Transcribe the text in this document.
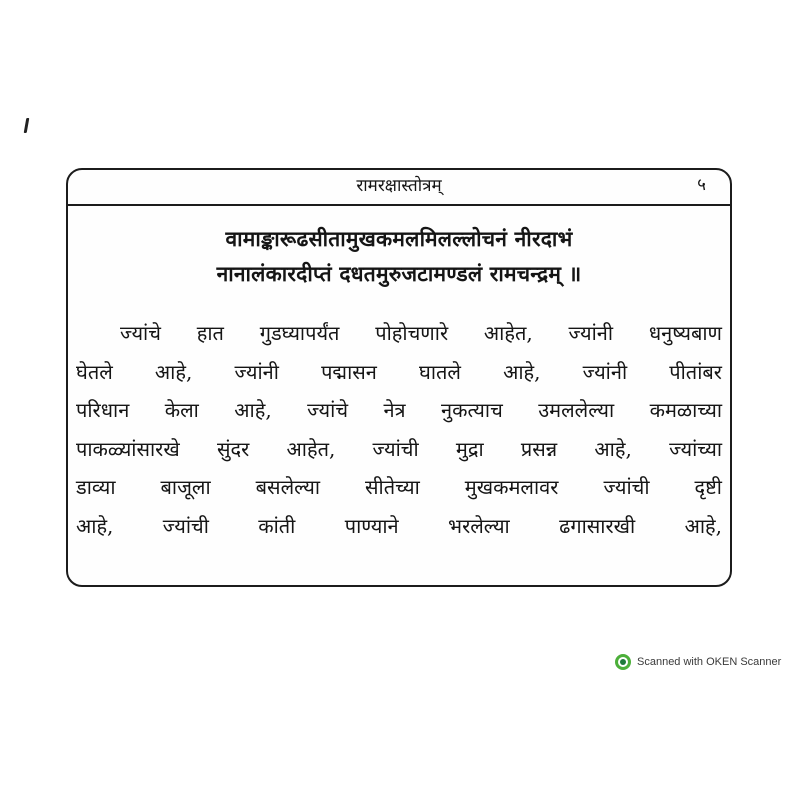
रामरक्षास्तोत्रम्	५
वामाङ्कारूढसीतामुखकमलमिलल्लोचनं नीरदाभं
नानालंकारदीप्तं दधतमुरुजटामण्डलं रामचन्द्रम् ॥
ज्यांचे हात गुडघ्यापर्यंत पोहोचणारे आहेत, ज्यांनी धनुष्यबाण
घेतले आहे, ज्यांनी पद्मासन घातले आहे, ज्यांनी पीतांबर
परिधान केला आहे, ज्यांचे नेत्र नुकत्याच उमललेल्या कमळाच्या
पाकळ्यांसारखे सुंदर आहेत, ज्यांची मुद्रा प्रसन्न आहे, ज्यांच्या
डाव्या बाजूला बसलेल्या सीतेच्या मुखकमलावर ज्यांची दृष्टी
आहे, ज्यांची कांती पाण्याने भरलेल्या ढगासारखी आहे,
Scanned with OKEN Scanner
